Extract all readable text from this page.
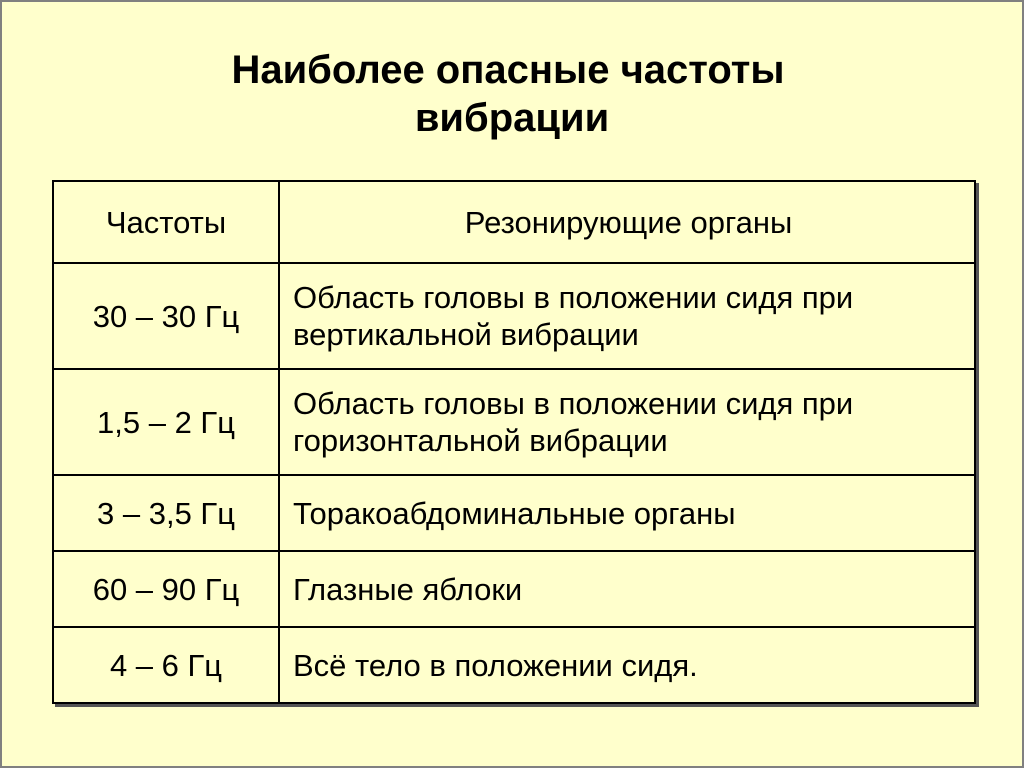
Наиболее опасные частоты
вибрации
Частоты	Резонирующие органы
30 – 30 Гц	Область головы в положении сидя при вертикальной вибрации
1,5 – 2 Гц	Область головы в положении сидя при горизонтальной вибрации
3 – 3,5 Гц	Торакоабдоминальные органы
60 – 90 Гц	Глазные яблоки
4 – 6 Гц	Всё тело в положении сидя.
